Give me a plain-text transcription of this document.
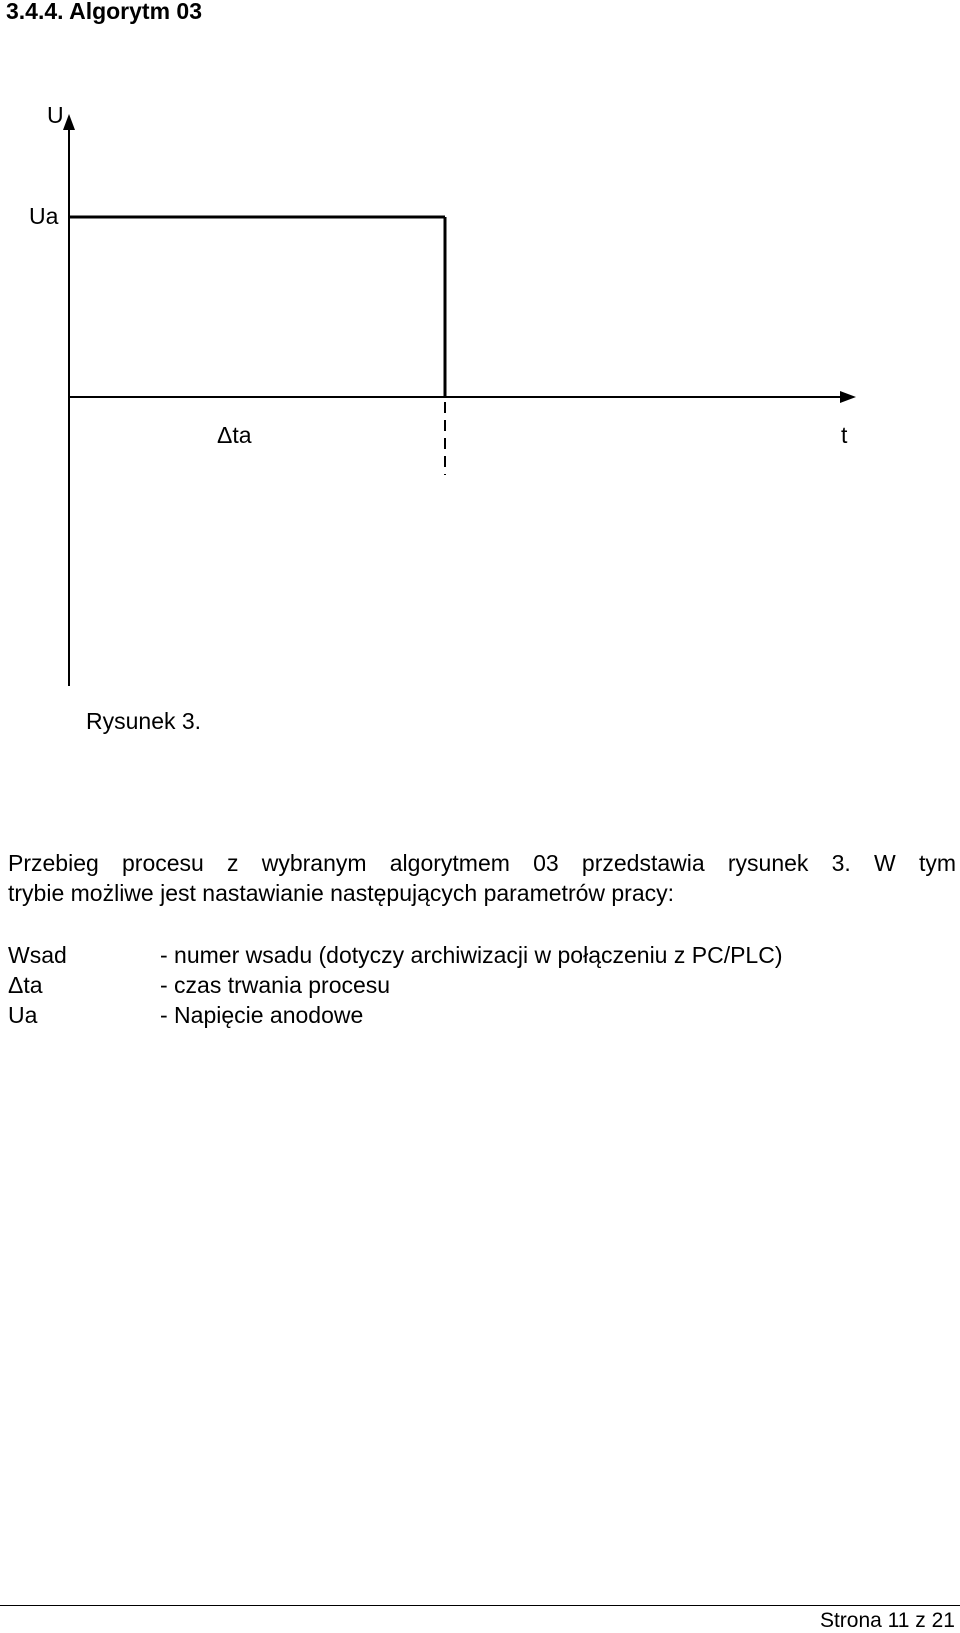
3.4.4. Algorytm 03
U
Ua
Δta	t
Rysunek 3.
Przebieg procesu z wybranym algorytmem 03 przedstawia rysunek 3. W tym
trybie możliwe jest nastawianie następujących parametrów pracy:
Wsad	- numer wsadu (dotyczy archiwizacji w połączeniu z PC/PLC)
Δta	- czas trwania procesu
Ua	- Napięcie anodowe
Strona 11 z 21
